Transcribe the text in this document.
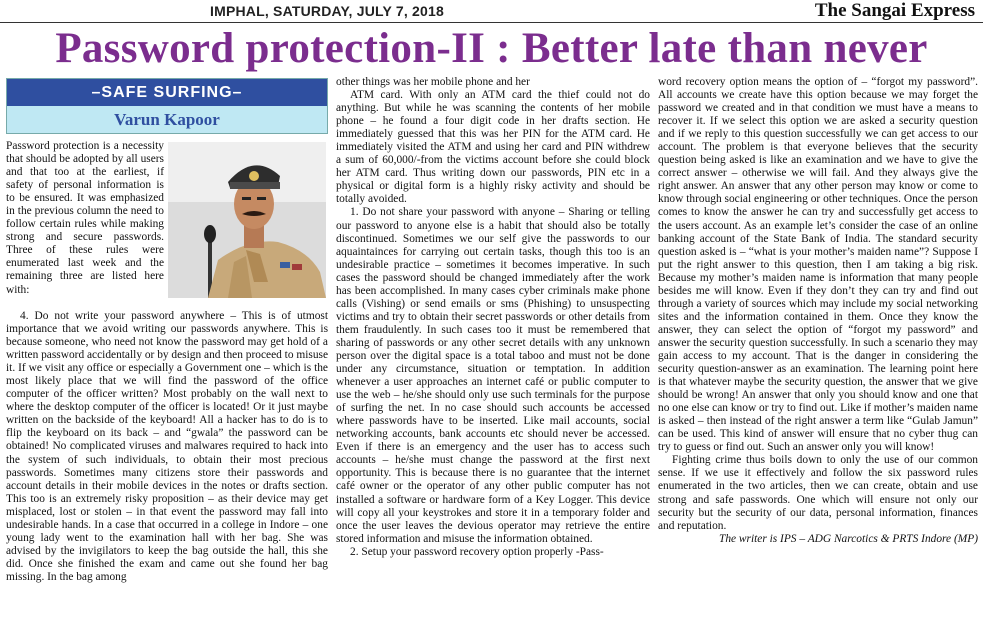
IMPHAL, SATURDAY, JULY 7, 2018	The Sangai Express
Password protection-II : Better late than never
–SAFE SURFING–
Varun Kapoor

Password protection is a necessity that should be adopted by all users and that too at the earliest, if safety of personal information is to be ensured. It was emphasized in the previous column the need to follow certain rules while making strong and secure passwords. Three of these rules were enumerated last week and the remaining three are listed here with:

4. Do not write your password anywhere – This is of utmost importance that we avoid writing our passwords anywhere. This is because someone, who need not know the password may get hold of a written password accidentally or by design and then proceed to misuse it. If we visit any office or especially a Government one – which is the most likely place that we will find the password of the office computer of the officer written? Most probably on the wall next to where the desktop computer of the officer is located! Or it just maybe written on the backside of the keyboard! All a hacker has to do is to flip the keyboard on its back – and “gwala” the password can be obtained! No complicated viruses and malwares required to hack into the system of such individuals, to obtain their most precious passwords. Sometimes many citizens store their passwords and account details in their mobile devices in the notes or drafts section. This too is an extremely risky proposition – as their device may get misplaced, lost or stolen – in that event the password may fall into undesirable hands. In a case that occurred in a college in Indore – one young lady went to the examination hall with her bag. She was advised by the invigilators to keep the bag outside the hall, this she did. Once she finished the exam and came out she found her bag missing. In the bag among

other things was her mobile phone and her

ATM card. With only an ATM card the thief could not do anything. But while he was scanning the contents of her mobile phone – he found a four digit code in her drafts section. He immediately guessed that this was her PIN for the ATM card. He immediately visited the ATM and using her card and PIN withdrew a sum of 60,000/-from the victims account before she could block her ATM card. Thus writing down our passwords, PIN etc in a physical or digital form is a highly risky activity and should be totally avoided.

1. Do not share your password with anyone – Sharing or telling our password to anyone else is a habit that should also be totally discontinued. Sometimes we our self give the passwords to our aquaintainces for carrying out certain tasks, though this too is an undesirable practice – sometimes it becomes imperative. In such cases the password should be changed immediately after the work has been accomplished. In many cases cyber criminals make phone calls (Vishing) or send emails or sms (Phishing) to unsuspecting victims and try to obtain their secret passwords or other details from them fraudulently. In such cases too it must be remembered that sharing of passwords or any other secret details with any unknown person over the digital space is a total taboo and must not be done under any circumstance, situation or temptation. In addition whenever a user approaches an internet café or public computer to use the web – he/she should only use such terminals for the purpose of surfing the net. In no case should such accounts be accessed where passwords have to be inserted. Like mail accounts, social networking accounts, bank accounts etc should never be accessed. Even if there is an emergency and the user has to access such accounts – he/she must change the password at the first next opportunity. This is because there is no guarantee that the internet café owner or the operator of any other public computer has not installed a software or hardware form of a Key Logger. This device will copy all your keystrokes and store it in a temporary folder and once the user leaves the devious operator may retrieve the entire stored information and misuse the information obtained.

2. Setup your password recovery option properly -Pass-

word recovery option means the option of – “forgot my password”. All accounts we create have this option because we may forget the password we created and in that condition we must have a means to recover it. If we select this option we are asked a security question and if we reply to this question successfully we can get access to our account. The problem is that everyone believes that the security question being asked is like an examination and we have to give the correct answer – otherwise we will fail. And they always give the right answer. An answer that any other person may know or come to know through social engineering or other techniques. Once the person comes to know the answer he can try and successfully get access to the users account. As an example let’s consider the case of an online banking account of the State Bank of India. The standard security question asked is – “what is your mother’s maiden name”? Suppose I put the right answer to this question, then I am taking a big risk. Because my mother’s maiden name is information that many people besides me will know. Even if they don’t they can try and find out through a variety of sources which may include my social networking sites and the information contained in them. Once they know the answer, they can select the option of “forgot my password” and answer the security question successfully. In such a scenario they may gain access to my account. That is the danger in considering the security question-answer as an examination. The learning point here is that whatever maybe the security question, the answer that we give should be wrong! An answer that only you should know and one that no one else can know or try to find out. Like if mother’s maiden name is asked – then instead of the right answer a term like “Gulab Jamun” can be used. This kind of answer will ensure that no cyber thug can try to guess or find out. Such an answer only you will know!

Fighting crime thus boils down to only the use of our common sense. If we use it effectively and follow the six password rules enumerated in the two articles, then we can create, obtain and use strong and safe passwords. One which will ensure not only our security but the security of our data, personal information, finances and reputation.

The writer is IPS – ADG Narcotics & PRTS Indore (MP)
